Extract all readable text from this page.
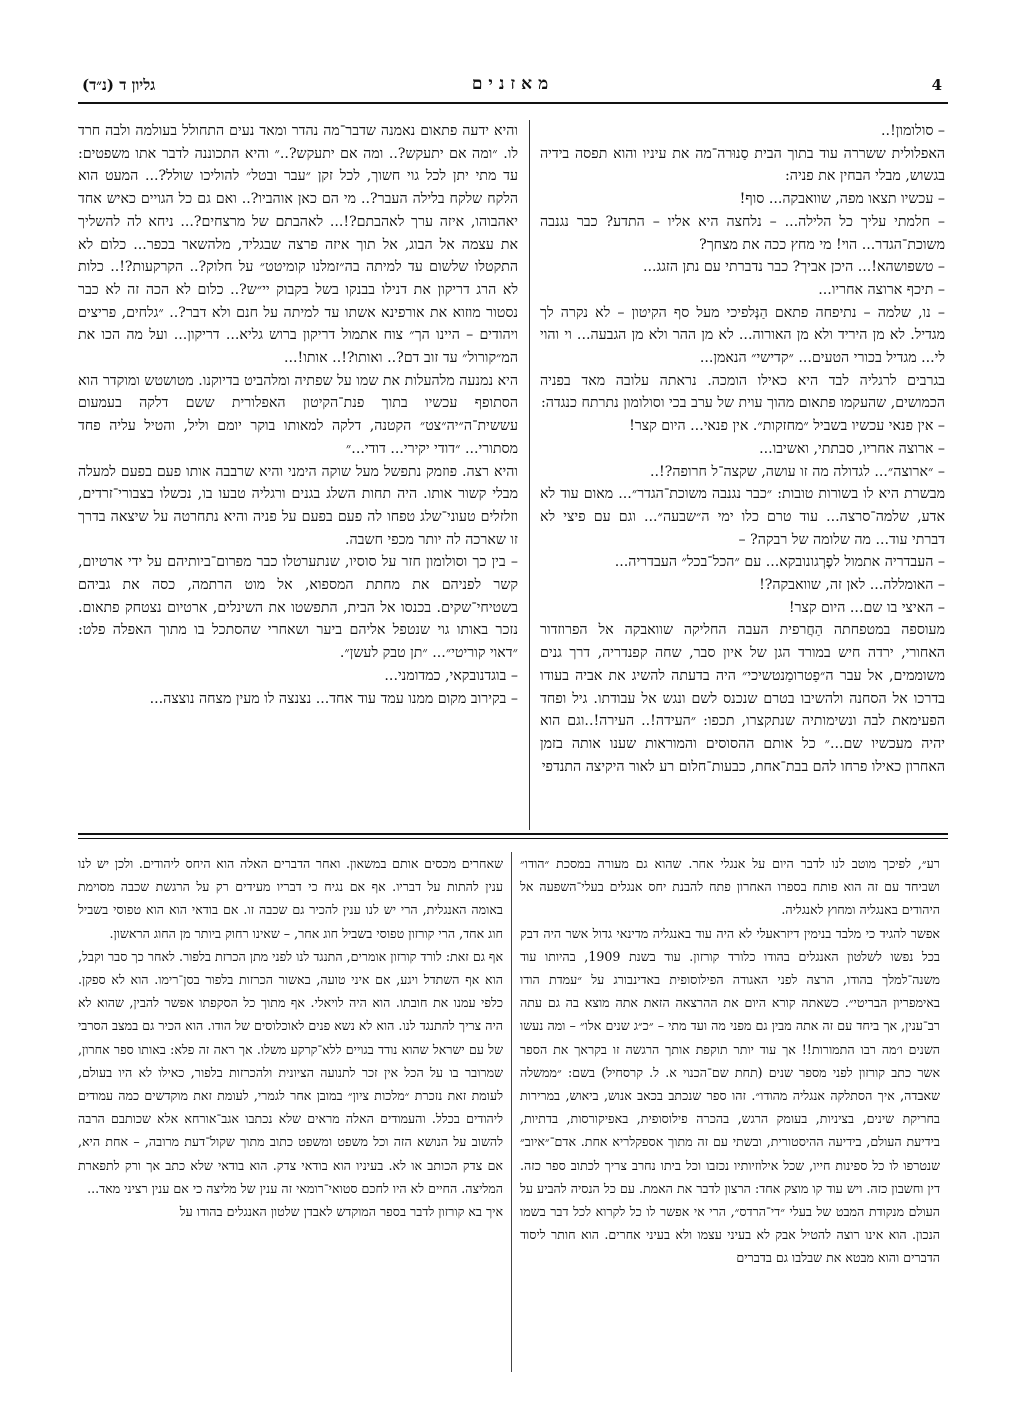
4
מאזנים
גליון ד (נ״ד)

– סולומון!..

האפלולית ששררה עוד בתוך הבית סַנוּרה־מה את עיניו והוא תפסה בידיה בגשוש, מבלי הבחין את פניה:

– עכשיו תצאו מפה, שוואבקה... סוף!

– חלמתי עליך כל הלילה... – נלחצה היא אליו – התדע? כבר נגנבה משוכת־הגדר... הוי! מי מחץ ככה את מצחך?

– טשפושהא!... היכן אביך? כבר נדברתי עם נתן הזגג...

– תיכף ארוצה אחריו...

– נו, שלמה – נתיפחה פתאם הַנְּלפיכי מעל סף הקיטון – לא נקרה לך מגדיל. לא מן היריד ולא מן האורוה... לא מן ההר ולא מן הגבעה... וי והוי לי... מגדיל בכורי הטעים... ״קדישי״ הנאמן...

בגרבים לרגליה לבד היא כאילו הומכה. נראתה עלובה מאד בפניה הכמושים, שהעקמו פתאום מהוך עוית של ערב בכי וסולומון נתרתח כנגדה:

– אין פנאי עכשיו בשביל ״מחזקות״. אין פנאי... היום קצר!

– ארוצה אחריו, סבתתי, ואשיבו...

– ״ארוצה״... לגדולה מה זו עושה, שקצה־ל חרופה?!..

מבשרת היא לו בשורות טובות: ״כבר נגנבה משוכת־הגדר״... מאום עוד לא אדע, שלמה־סרצה... עוד טרם כלו ימי ה״שבעה״... וגם עם פיצי לא דברתי עוד... מה שלומה של רבקה? –

– העבדריה אתמול לפֶרְגונובקא... עם ״הכל־בכל״ העבדריה...

– האומללה... לאן זה, שוואבקה?!

– האיצי בו שם... היום קצר!

מעוספה במטפחתה הַחֲרפית העבה החליקה שוואבקה אל הפרוזדור האחורי, ירדה חיש במורד הגן של איון סבר, שחה קפנדריה, דרך גנים משוממים, אל עבר ה״פַטרומַנטשיכי״ היה בדעתה להשיג את אביה בעודו בדרכו אל הסחנה ולהשיבו בטרם שנכנס לשם ונגש אל עבודתו. גיל ופחד הפעימאת לבה ונשימותיה שנתקצרו, תכפו: ״העידה!.. העירה!..וגם הוא יהיה מעכשיו שם...״ כל אותם ההסוסים והמוראות שענו אותה בזמן האחרון כאילו פרחו להם בבת־אחת, כבעות־חלום רע לאור היקיצה התנדפי

והיא ידעה פתאום נאמנה שדבר־מה נהדר ומאד נעים התחולל בעולמה ולבה חרד לו. ״ומה אם יתעקש?.. ומה אם יתעקש?..״ והיא התכוננה לדבר אתו משפטים: עד מתי יתן לכל גוי חשוך, לכל זקן ״עבר ובטל״ להוליכו שולל?... המעט הוא הלקח שלקח בלילה העבר?.. מי הם כאן אוהביו?.. ואם גם כל הגויים כאיש אחד יאהבוהו, איזה ערך לאהבתם?!... לאהבתם של מרצחים?... ניחא לה להשליך את עצמה אל הבוג, אל תוך איזה פרצה שבגליד, מלהשאר בכפר... כלום לא התקטלו שלשום עד למיתה בה״זמלנו קומיטט״ על חלוק?.. הקרקעות?!.. כלות לא הרג דריקון את דנילו בבנקו בשל בקבוק יי״ש?.. כלום לא הכה זה לא כבר נסטור מוזוא את אורפינא אשתו עד למיתה על חנם ולא דבר?.. ״גלחים, פריצים ויהודים – היינו הך״ צוח אתמול דריקון ברוש גליא... דריקון... ועל מה הכו את המ״קורול״ עד זוב דם?.. ואותו?!.. אותו!...

היא נמנעה מלהעלות את שמו על שפתיה ומלהביט בדיוקנו. מטושטש ומוקדר הוא הסתופף עכשיו בתוך פנת־הקיטון האפלורית ששם דלקה בעמעום עששית־ה״יה״צט״ הקטנה, דלקה למאותו בוקר יומם וליל, והטיל עליה פחד מסתורי... ״דודי יקירי... דודי...״

והיא רצה. פוזמק נתפשל מעל שוקה הימני והיא שרבבה אותו פעם בפעם למעלה מבלי קשור אותו. היה תחות השלג בגנים ורגליה טבעו בו, נכשלו בצבורי־זרדים, וזלזלים טעוני־שלג טפחו לה פעם בפעם על פניה והיא נתחרטה על שיצאה בדרך זו שארכה לה יותר מכפי חשבה.

– בין כך וסולומון חזר על סוסיו, שנתערטלו כבר מפרום־ביותיהם על ידי ארטיום, קשר לפניהם את מחתת המספוא, אל מוט הרתמה, כסה את גביהם בשטיחי־שקים. בכנסו אל הבית, התפשטו את השינלים, ארטיום נצטחק פתאום. נזכר באותו גוי שנטפל אליהם ביער ושאחרי שהסתכל בו מתוך האפלה פלט: ״דאוי קוריטי״... ״תן טבק לעשן״.

– בוגדנובקאי, כמדומני...

– בקירוב מקום ממנו עמד עוד אחד... נצנצה לו מעין מצחה נוצצה...

רע״, לפיכך מוטב לנו לדבר היום על אנגלי אחר. שהוא גם מעורה במסכת ״הודו״ ושביחד עם זה הוא פותח בספרו האחרון פתח להבנת יחס אנגלים בעלי־השפעה אל היהודים באנגליה ומחוץ לאנגליה.

אפשר להגיד כי מלבד בנימין דיזראעלי לא היה עוד באנגליה מדינאי גדול אשר היה דבק בכל נפשו לשלטון האנגלים בהודו כלורד קורזון. עוד בשנת 1909, בהיותו עוד משנה־למלך בהודו, הרצה לפני האגודה הפילוסופית באדינבורג על ״עמדת הודו באימפריון הבריטי״. כשאתה קורא היום את ההרצאה הזאת אתה מוצא בה גם עתה רב־ענין, אך ביחד עם זה אתה מבין גם מפני מה ועד מתי – ״כ״ג שנים אלו״ – ומה נעשו השנים ו׳מה רבו התמורות!! אך עוד יותר תוקפת אותך הרגשה זו בקראך את הספר אשר כתב קורזון לפני מספר שנים (תחת שם־הכנוי א. ל. קרסחיל) בשם: ״ממשלה שאבדה, איך הסתלקה אנגליה מהודו״. זהו ספר שנכתב בכאב אנוש, ביאוש, במרירות בחריקת שינים, בציניות, בעומק הרגש, בהכרה פילוסופית, באפיקורסות, בדתיות, בידיעת העולם, בידיעה ההיסטורית, ובשתי עם זה מתוך אספקלריא אחת. אדם־״איוב״ שנטרפו לו כל ספינות חייו, שכל אילוזיותיו נכזבו וכל ביתו נחרב צריך לכתוב ספר כזה. דין וחשבון כזה. ויש עוד קו מוצק אחד: הרצון לדבר את האמת. עם כל הנסיה להביע על העולם מנקודת המבט של בעלי ״די־הרדס״, הרי אי אפשר לו כל לקרוא לכל דבר בשמו הנכון. הוא אינו רוצה להטיל אבק לא בעיני עצמו ולא בעיני אחרים. הוא חותר ליסוד הדברים והוא מבטא את שבלבו גם בדברים

שאחרים מכסים אותם במשאון. ואחר הדברים האלה הוא היחס ליהודים. ולכן יש לנו ענין להתות על דבריו. אף אם נגיח כי דבריו מעידים רק על הרגשת שכבה מסוימת באומה האנגלית, הרי יש לנו ענין להכיר גם שכבה זו. אם בודאי הוא הוא טפוסי בשביל חוג אחד, הרי קורזון טפוסי בשביל חוג אחר, – שאינו רחוק ביותר מן החוג הראשון.

אף גם זאת: לורד קורזון אומרים, התנגד לנו לפני מתן הכרזת בלפור. לאחר כך סבר וקבל, הוא אף השתדל ויגע, אם איני טועה, באשור הכרזות בלפור בסן־רימו. הוא לא ספקן. כלפי עמנו את חובתו. הוא היה לויאלי. אף מתוך כל הסקפתו אפשר להבין, שהוא לא היה צריך להתנגד לנו. הוא לא נשא פנים לאוכלוסים של הודו. הוא הכיר גם במצב הסרבי של עם ישראל שהוא נודד בגויים ללא־קרקע משלו. אך ראה זה פלא: באותו ספר אחרון, שמרובר בו על הכל אין זכר לתנועה הציונית ולהכרזות בלפור, כאילו לא היו בעולם, לעומת זאת נזכרת ״מלכות ציון״ במובן אחר לגמרי, לעומת זאת מוקדשים כמה עמודים ליהודים בכלל. והעמודים האלה מראים שלא נכתבו אגב־אורחא אלא שכותבם הרבה להשוב על הנושא הזה וכל משפט ומשפט כתוב מתוך שקול־דעת מרובה, – אחת היא, אם צדק הכותב או לא. בעיניו הוא בודאי צדק. הוא בודאי שלא כתב אך ורק לתפארת המליצה. החיים לא היו לחכם סטואי־רומאי זה ענין של מליצה כי אם ענין רציני מאד...

איך בא קורזון לדבר בספר המוקדש לאבדן שלטון האנגלים בהודו על
